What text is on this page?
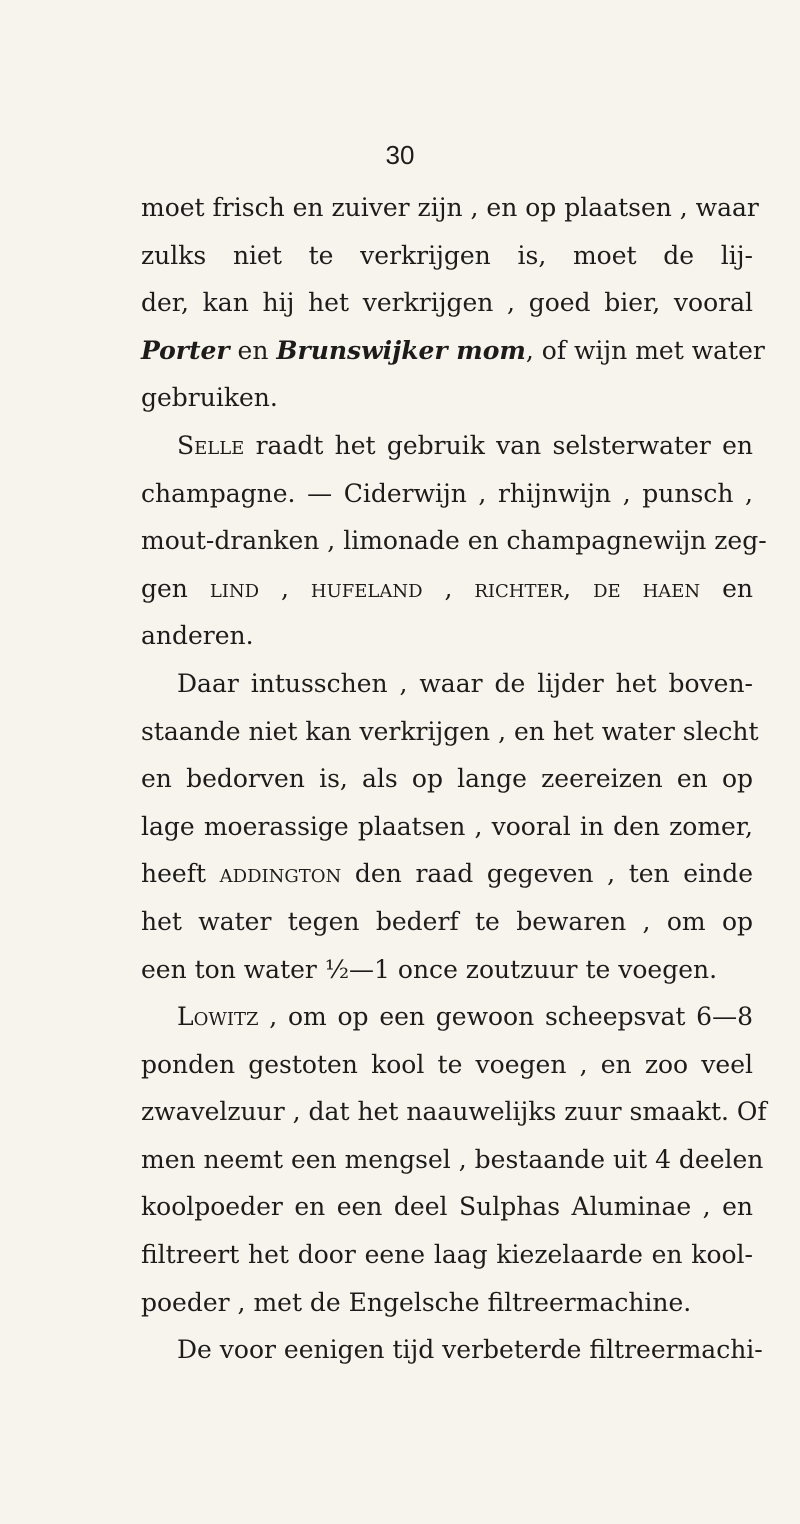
30
moet frisch en zuiver zijn , en op plaatsen , waar
zulks niet te verkrijgen is, moet de lij-
der, kan hij het verkrijgen , goed bier, vooral
Porter en Brunswijker mom, of wijn met water
gebruiken.
Selle raadt het gebruik van selsterwater en
champagne. — Ciderwijn , rhijnwijn , punsch ,
mout-dranken , limonade en champagnewijn zeg-
gen lind , hufeland , richter, de haen en
anderen.
Daar intusschen , waar de lijder het boven-
staande niet kan verkrijgen , en het water slecht
en bedorven is, als op lange zeereizen en op
lage moerassige plaatsen , vooral in den zomer,
heeft addington den raad gegeven , ten einde
het water tegen bederf te bewaren , om op
een ton water ½—1 once zoutzuur te voegen.
Lowitz , om op een gewoon scheepsvat 6—8
ponden gestoten kool te voegen , en zoo veel
zwavelzuur , dat het naauwelijks zuur smaakt. Of
men neemt een mengsel , bestaande uit 4 deelen
koolpoeder en een deel Sulphas Aluminae , en
filtreert het door eene laag kiezelaarde en kool-
poeder , met de Engelsche filtreermachine.
De voor eenigen tijd verbeterde filtreermachi-
